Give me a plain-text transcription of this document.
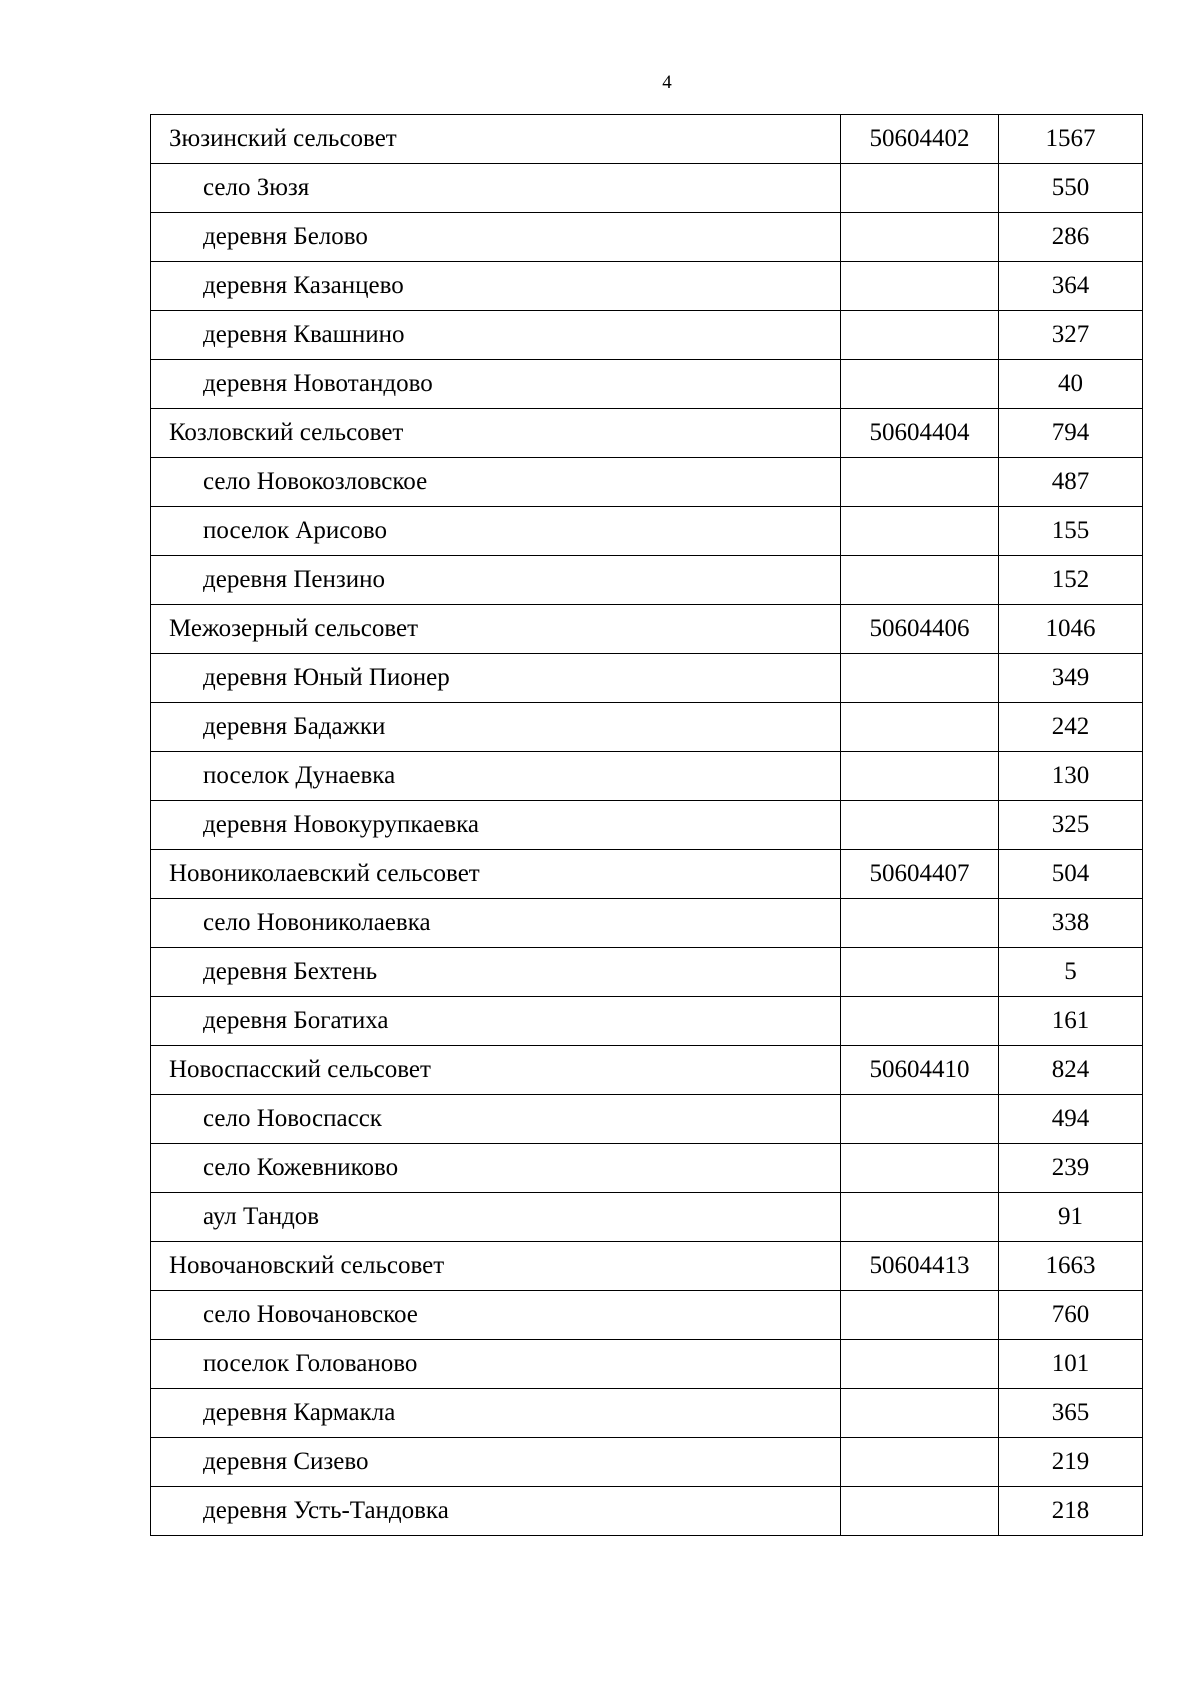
4
Зюзинский сельсовет	50604402	1567
село Зюзя		550
деревня Белово		286
деревня Казанцево		364
деревня Квашнино		327
деревня Новотандово		40
Козловский сельсовет	50604404	794
село Новокозловское		487
поселок Арисово		155
деревня Пензино		152
Межозерный сельсовет	50604406	1046
деревня Юный Пионер		349
деревня Бадажки		242
поселок Дунаевка		130
деревня Новокурупкаевка		325
Новониколаевский сельсовет	50604407	504
село Новониколаевка		338
деревня Бехтень		5
деревня Богатиха		161
Новоспасский сельсовет	50604410	824
село Новоспасск		494
село Кожевниково		239
аул Тандов		91
Новочановский сельсовет	50604413	1663
село Новочановское		760
поселок Голованово		101
деревня Кармакла		365
деревня Сизево		219
деревня Усть-Тандовка		218
